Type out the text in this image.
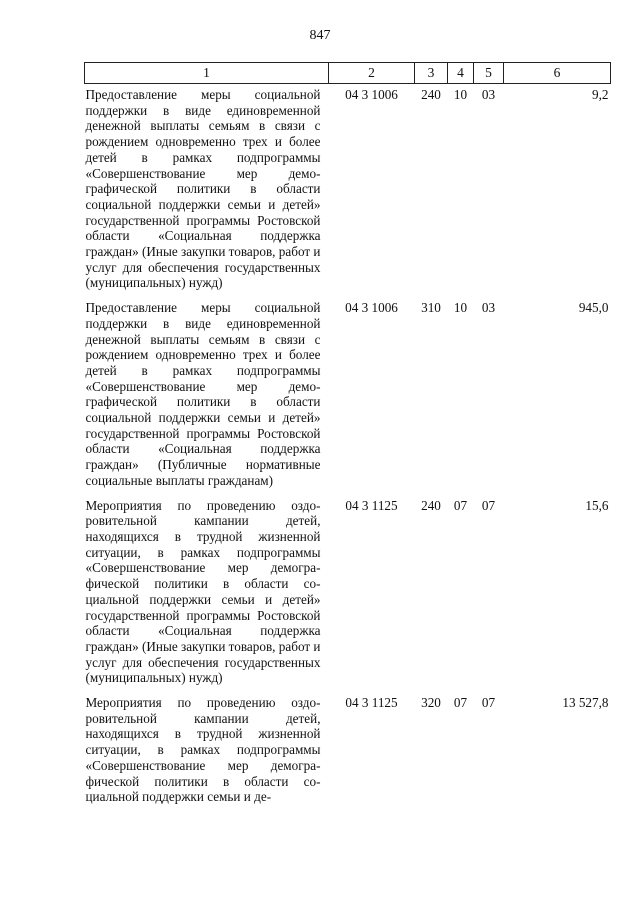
847
1	2	3	4	5	6
Предоставление меры социальной поддержки в виде единовременной денежной выплаты семьям в связи с рождением одновременно трех и более детей в рамках подпрограммы «Совершенствование мер демографической политики в области социальной поддержки семьи и детей» государственной программы Ростовской области «Социальная поддержка граждан» (Иные закупки товаров, работ и услуг для обеспечения государственных (муниципальных) нужд)	04 3 1006	240	10	03	9,2
Предоставление меры социальной поддержки в виде единовременной денежной выплаты семьям в связи с рождением одновременно трех и более детей в рамках подпрограммы «Совершенствование мер демографической политики в области социальной поддержки семьи и детей» государственной программы Ростовской области «Социальная поддержка граждан» (Публичные нормативные социальные выплаты гражданам)	04 3 1006	310	10	03	945,0
Мероприятия по проведению оздоровительной кампании детей, находящихся в трудной жизненной ситуации, в рамках подпрограммы «Совершенствование мер демографической политики в области социальной поддержки семьи и детей» государственной программы Ростовской области «Социальная поддержка граждан» (Иные закупки товаров, работ и услуг для обеспечения государственных (муниципальных) нужд)	04 3 1125	240	07	07	15,6
Мероприятия по проведению оздоровительной кампании детей, находящихся в трудной жизненной ситуации, в рамках подпрограммы «Совершенствование мер демографической политики в области социальной поддержки семьи и де-	04 3 1125	320	07	07	13 527,8
